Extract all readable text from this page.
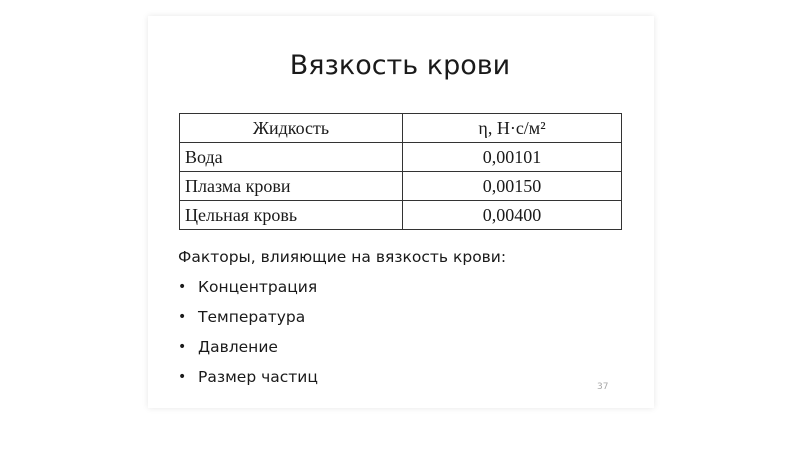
Вязкость крови
Жидкость	η, Н·с/м²
Вода	0,00101
Плазма крови	0,00150
Цельная кровь	0,00400

Факторы, влияющие на вязкость крови:

• Концентрация
• Температура
• Давление
• Размер частиц
37
